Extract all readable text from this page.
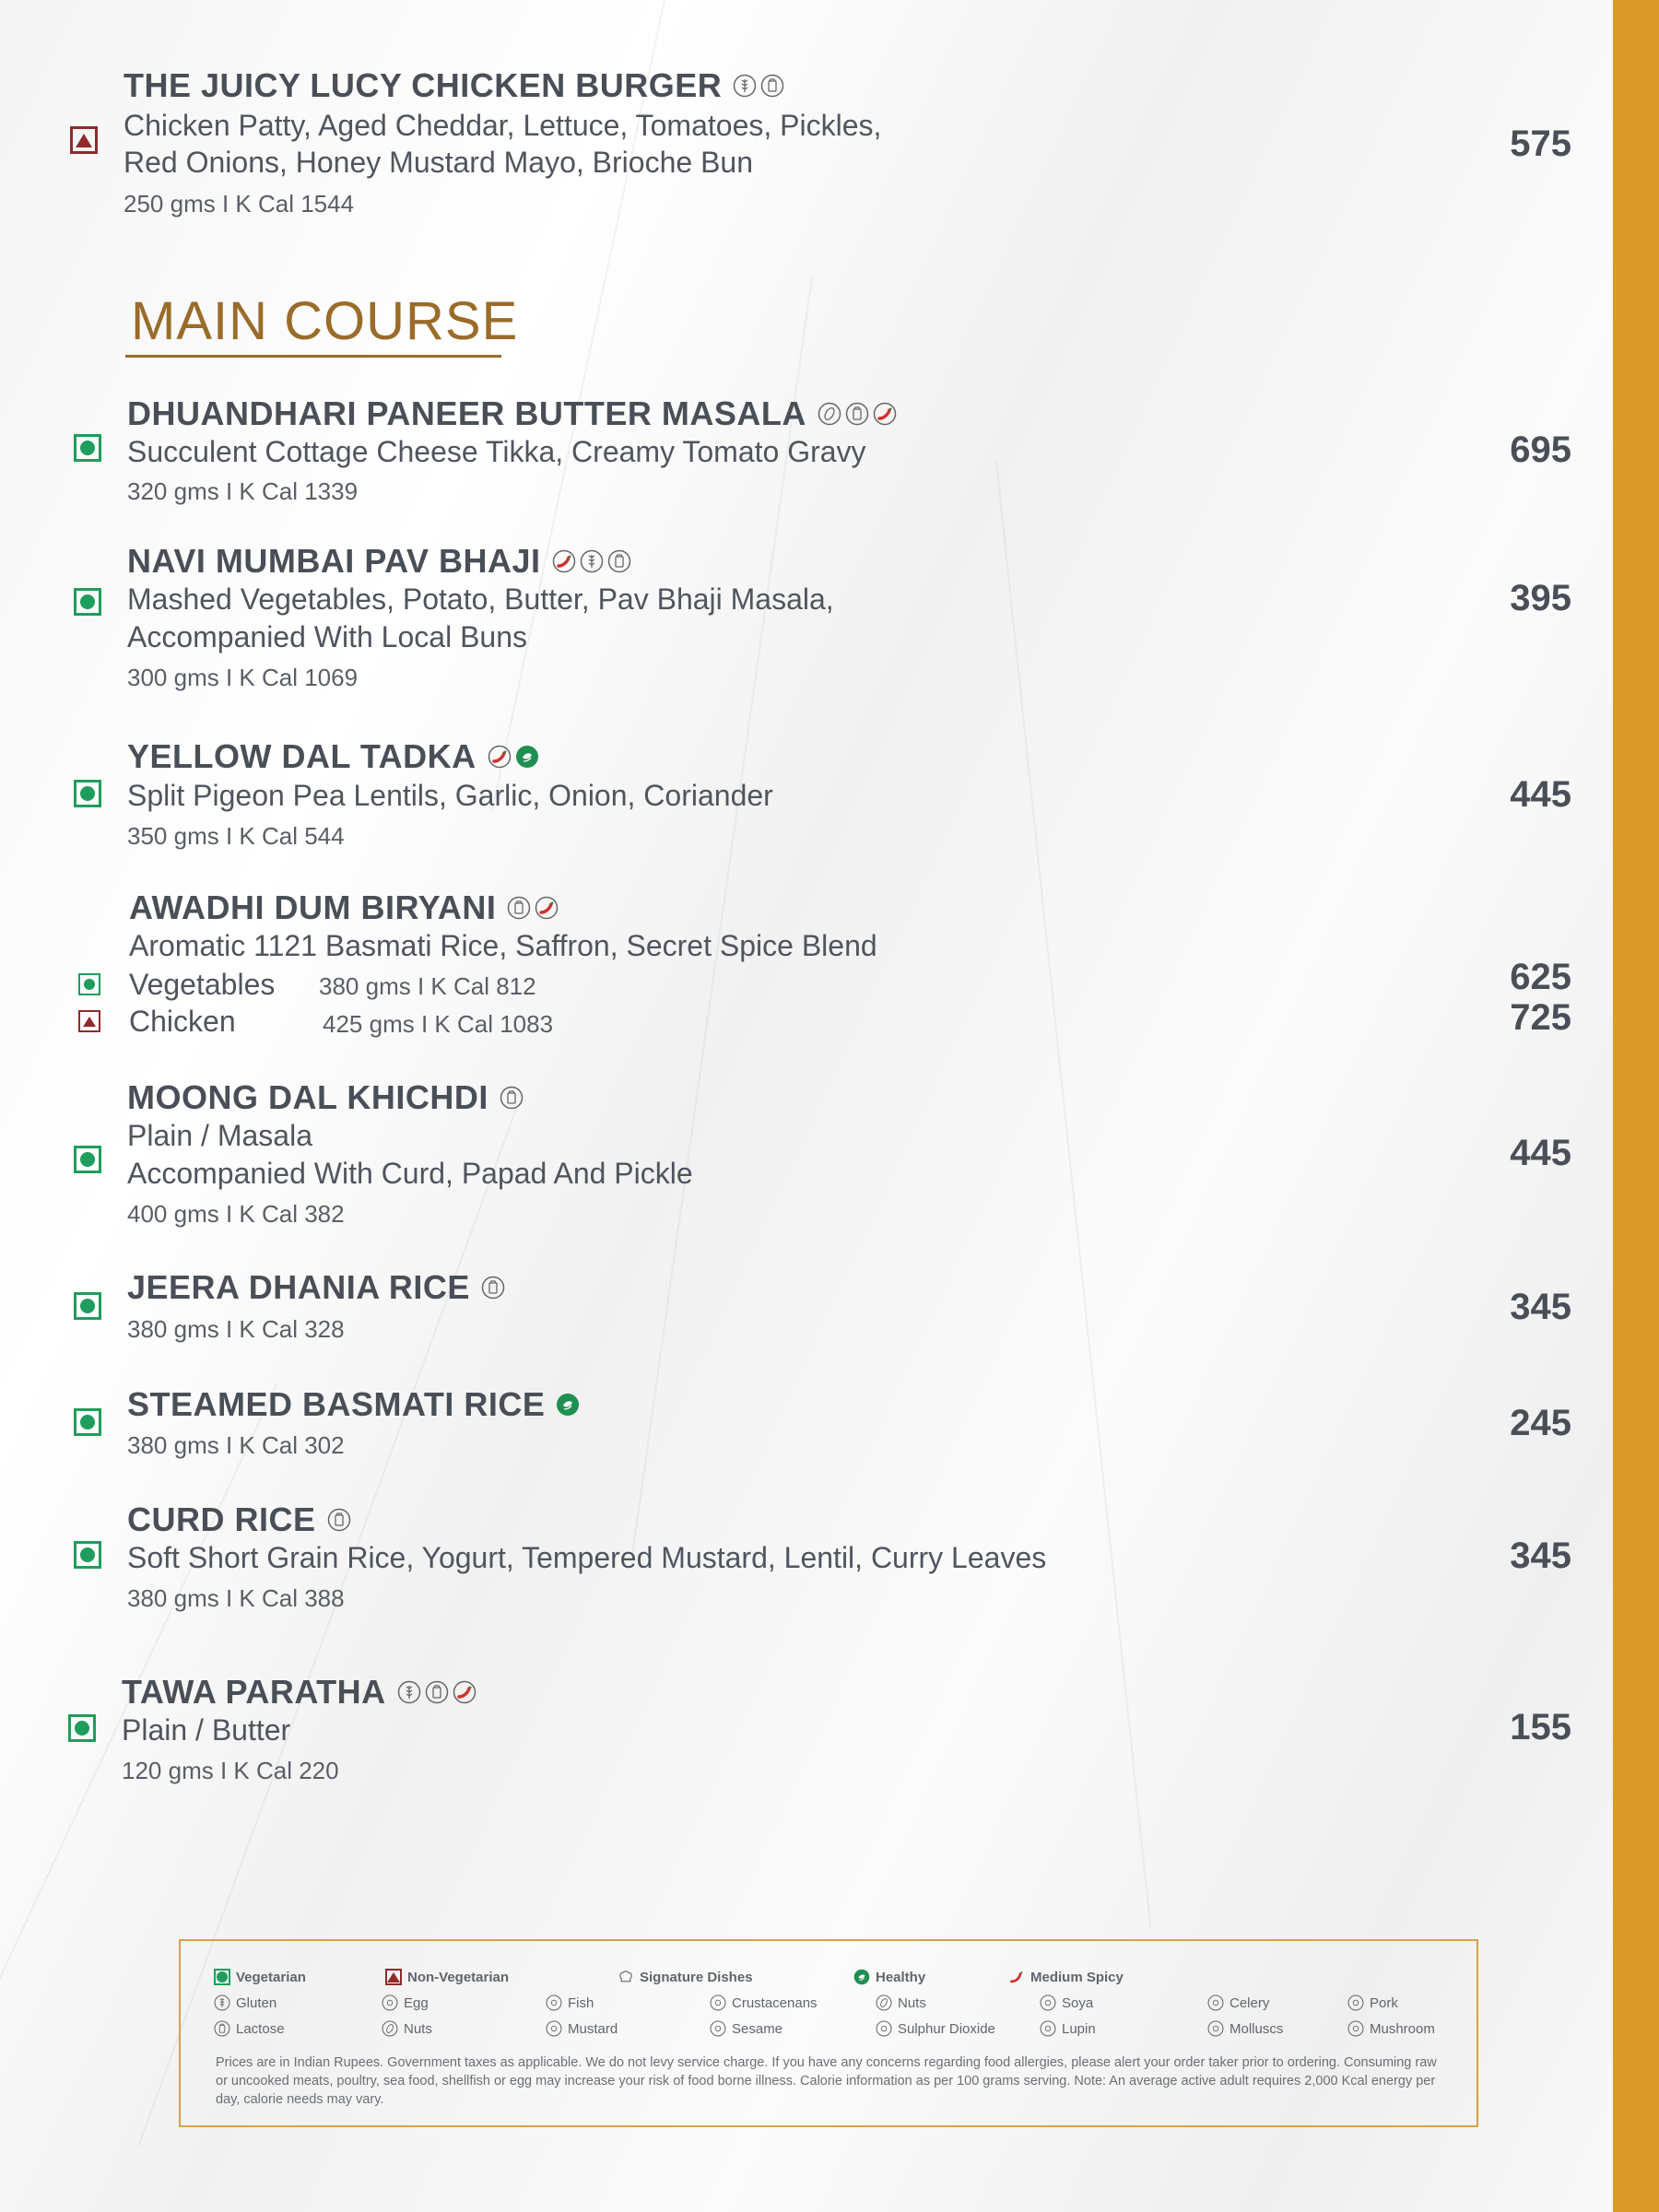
THE JUICY LUCY CHICKEN BURGER
Chicken Patty, Aged Cheddar, Lettuce, Tomatoes, Pickles,
Red Onions, Honey Mustard Mayo, Brioche Bun
250 gms I K Cal 1544
575
MAIN COURSE
DHUANDHARI PANEER BUTTER MASALA
Succulent Cottage Cheese Tikka, Creamy Tomato Gravy
320 gms I K Cal 1339
695
NAVI MUMBAI PAV BHAJI
Mashed Vegetables, Potato, Butter, Pav Bhaji Masala,
Accompanied With Local Buns
300 gms I K Cal 1069
395
YELLOW DAL TADKA
Split Pigeon Pea Lentils, Garlic, Onion, Coriander
350 gms I K Cal 544
445
AWADHI DUM BIRYANI
Aromatic 1121 Basmati Rice, Saffron, Secret Spice Blend
Vegetables 380 gms I K Cal 812	625
Chicken	425 gms I K Cal 1083	725
MOONG DAL KHICHDI
Plain / Masala
Accompanied With Curd, Papad And Pickle
400 gms I K Cal 382
445
JEERA DHANIA RICE
380 gms I K Cal 328
345
STEAMED BASMATI RICE
380 gms I K Cal 302
245
CURD RICE
Soft Short Grain Rice, Yogurt, Tempered Mustard, Lentil, Curry Leaves
380 gms I K Cal 388
345
TAWA PARATHA
Plain / Butter
120 gms I K Cal 220
155
Vegetarian	Non-Vegetarian	Signature Dishes	Healthy	Medium Spicy
Gluten	Egg	Fish	Crustacenans	Nuts	Soya	Celery	Pork
Lactose	Nuts	Mustard	Sesame	Sulphur Dioxide	Lupin	Molluscs	Mushroom
Prices are in Indian Rupees. Government taxes as applicable. We do not levy service charge. If you have any concerns regarding food allergies, please alert your order taker prior to ordering. Consuming raw or uncooked meats, poultry, sea food, shellfish or egg may increase your risk of food borne illness. Calorie information as per 100 grams serving. Note: An average active adult requires 2,000 Kcal energy per day, calorie needs may vary.
